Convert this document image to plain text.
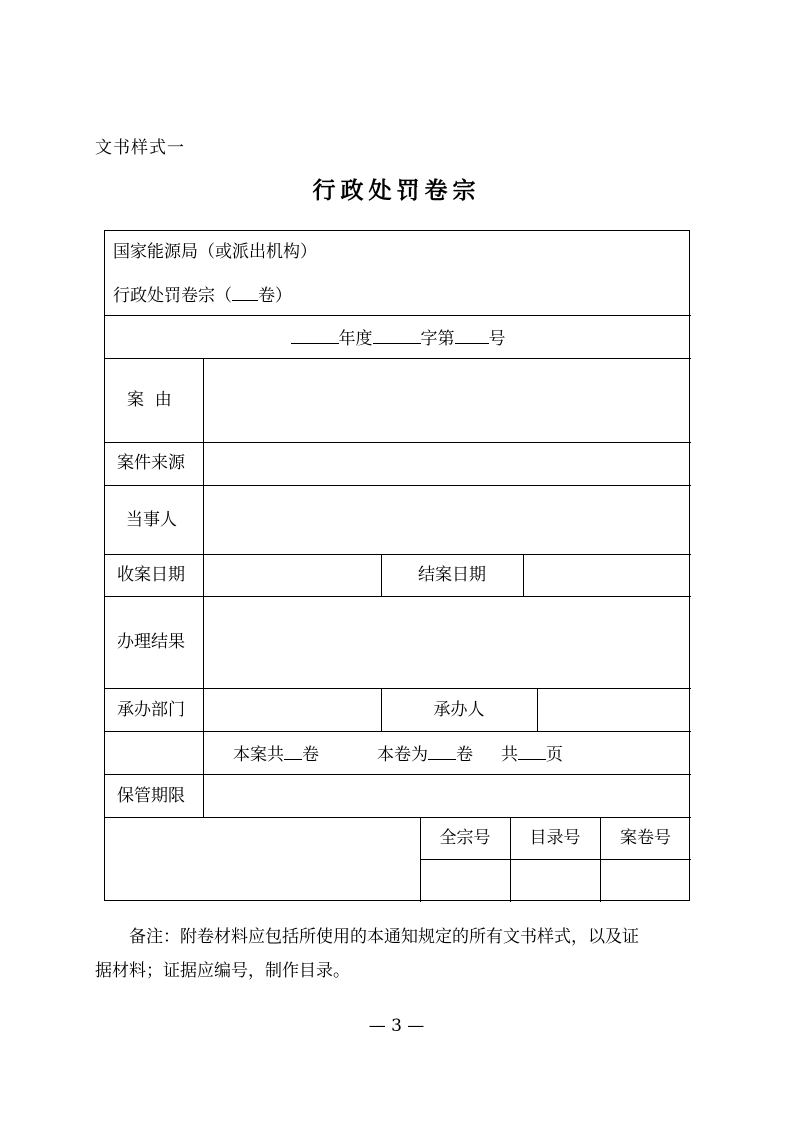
文书样式一
行政处罚卷宗
国家能源局（或派出机构）
行政处罚卷宗（ 卷）
年度	字第 号
案  由
案件来源
当事人
收案日期	结案日期
办理结果
承办部门	承办人
本案共 卷	本卷为 卷 共 页
保管期限
全宗号	目录号	案卷号
备注：附卷材料应包括所使用的本通知规定的所有文书样式，以及证
据材料；证据应编号，制作目录。
— 3 —
